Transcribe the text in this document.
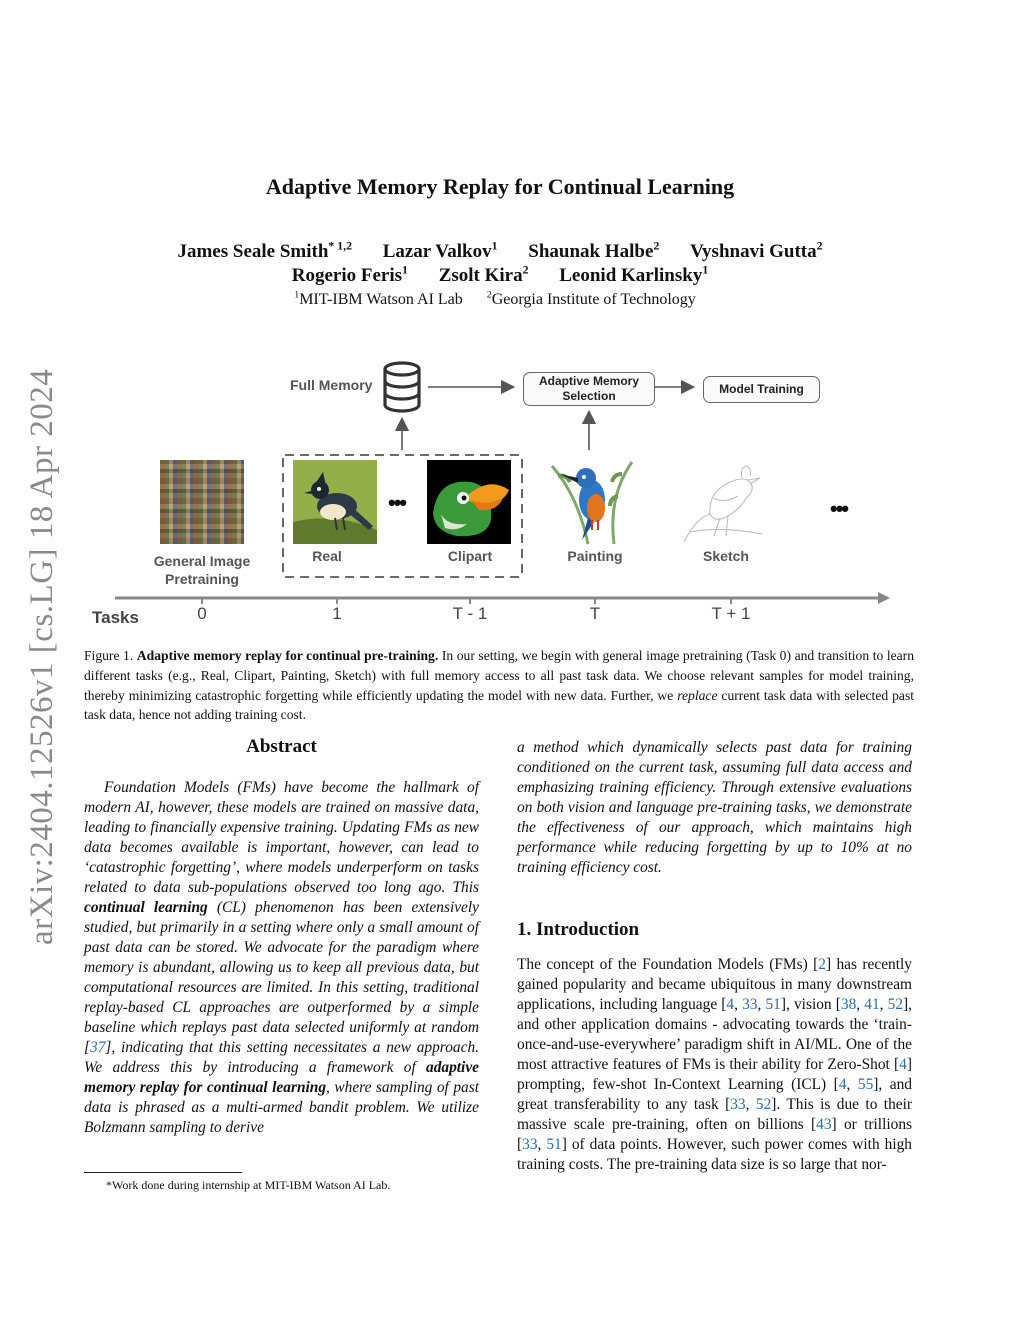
arXiv:2404.12526v1 [cs.LG] 18 Apr 2024
Adaptive Memory Replay for Continual Learning
James Seale Smith$^{* 1,2}$ Lazar Valkov$^1$ Shaunak Halbe$^2$ Vyshnavi Gutta$^2$
Rogerio Feris$^1$ Zsolt Kira$^2$ Leonid Karlinsky$^1$
$^1$MIT-IBM Watson AI Lab $^2$Georgia Institute of Technology
Full Memory	Adaptive Memory
Selection	Model Training
General Image
Pretraining
Real
•••
Clipart	Painting	Sketch
•••
Tasks	0	1	T - 1	T	T + 1
Figure 1. Adaptive memory replay for continual pre-training. In our setting, we begin with general image pretraining (Task 0) and transition to learn different tasks (e.g., Real, Clipart, Painting, Sketch) with full memory access to all past task data. We choose relevant samples for model training, thereby minimizing catastrophic forgetting while efficiently updating the model with new data. Further, we replace current task data with selected past task data, hence not adding training cost.
Abstract
Foundation Models (FMs) have become the hallmark of modern AI, however, these models are trained on massive data, leading to financially expensive training. Updating FMs as new data becomes available is important, however, can lead to ‘catastrophic forgetting’, where models underperform on tasks related to data sub-populations observed too long ago. This continual learning (CL) phenomenon has been extensively studied, but primarily in a setting where only a small amount of past data can be stored. We advocate for the paradigm where memory is abundant, allowing us to keep all previous data, but computational resources are limited. In this setting, traditional replay-based CL approaches are outperformed by a simple baseline which replays past data selected uniformly at random [37], indicating that this setting necessitates a new approach. We address this by introducing a framework of adaptive memory replay for continual learning, where sampling of past data is phrased as a multi-armed bandit problem. We utilize Bolzmann sampling to derive
*Work done during internship at MIT-IBM Watson AI Lab.
a method which dynamically selects past data for training conditioned on the current task, assuming full data access and emphasizing training efficiency. Through extensive evaluations on both vision and language pre-training tasks, we demonstrate the effectiveness of our approach, which maintains high performance while reducing forgetting by up to 10% at no training efficiency cost.
1. Introduction
The concept of the Foundation Models (FMs) [2] has recently gained popularity and became ubiquitous in many downstream applications, including language [4, 33, 51], vision [38, 41, 52], and other application domains - advocating towards the ‘train-once-and-use-everywhere’ paradigm shift in AI/ML. One of the most attractive features of FMs is their ability for Zero-Shot [4] prompting, few-shot In-Context Learning (ICL) [4, 55], and great transferability to any task [33, 52]. This is due to their massive scale pre-training, often on billions [43] or trillions [33, 51] of data points. However, such power comes with high training costs. The pre-training data size is so large that nor-
